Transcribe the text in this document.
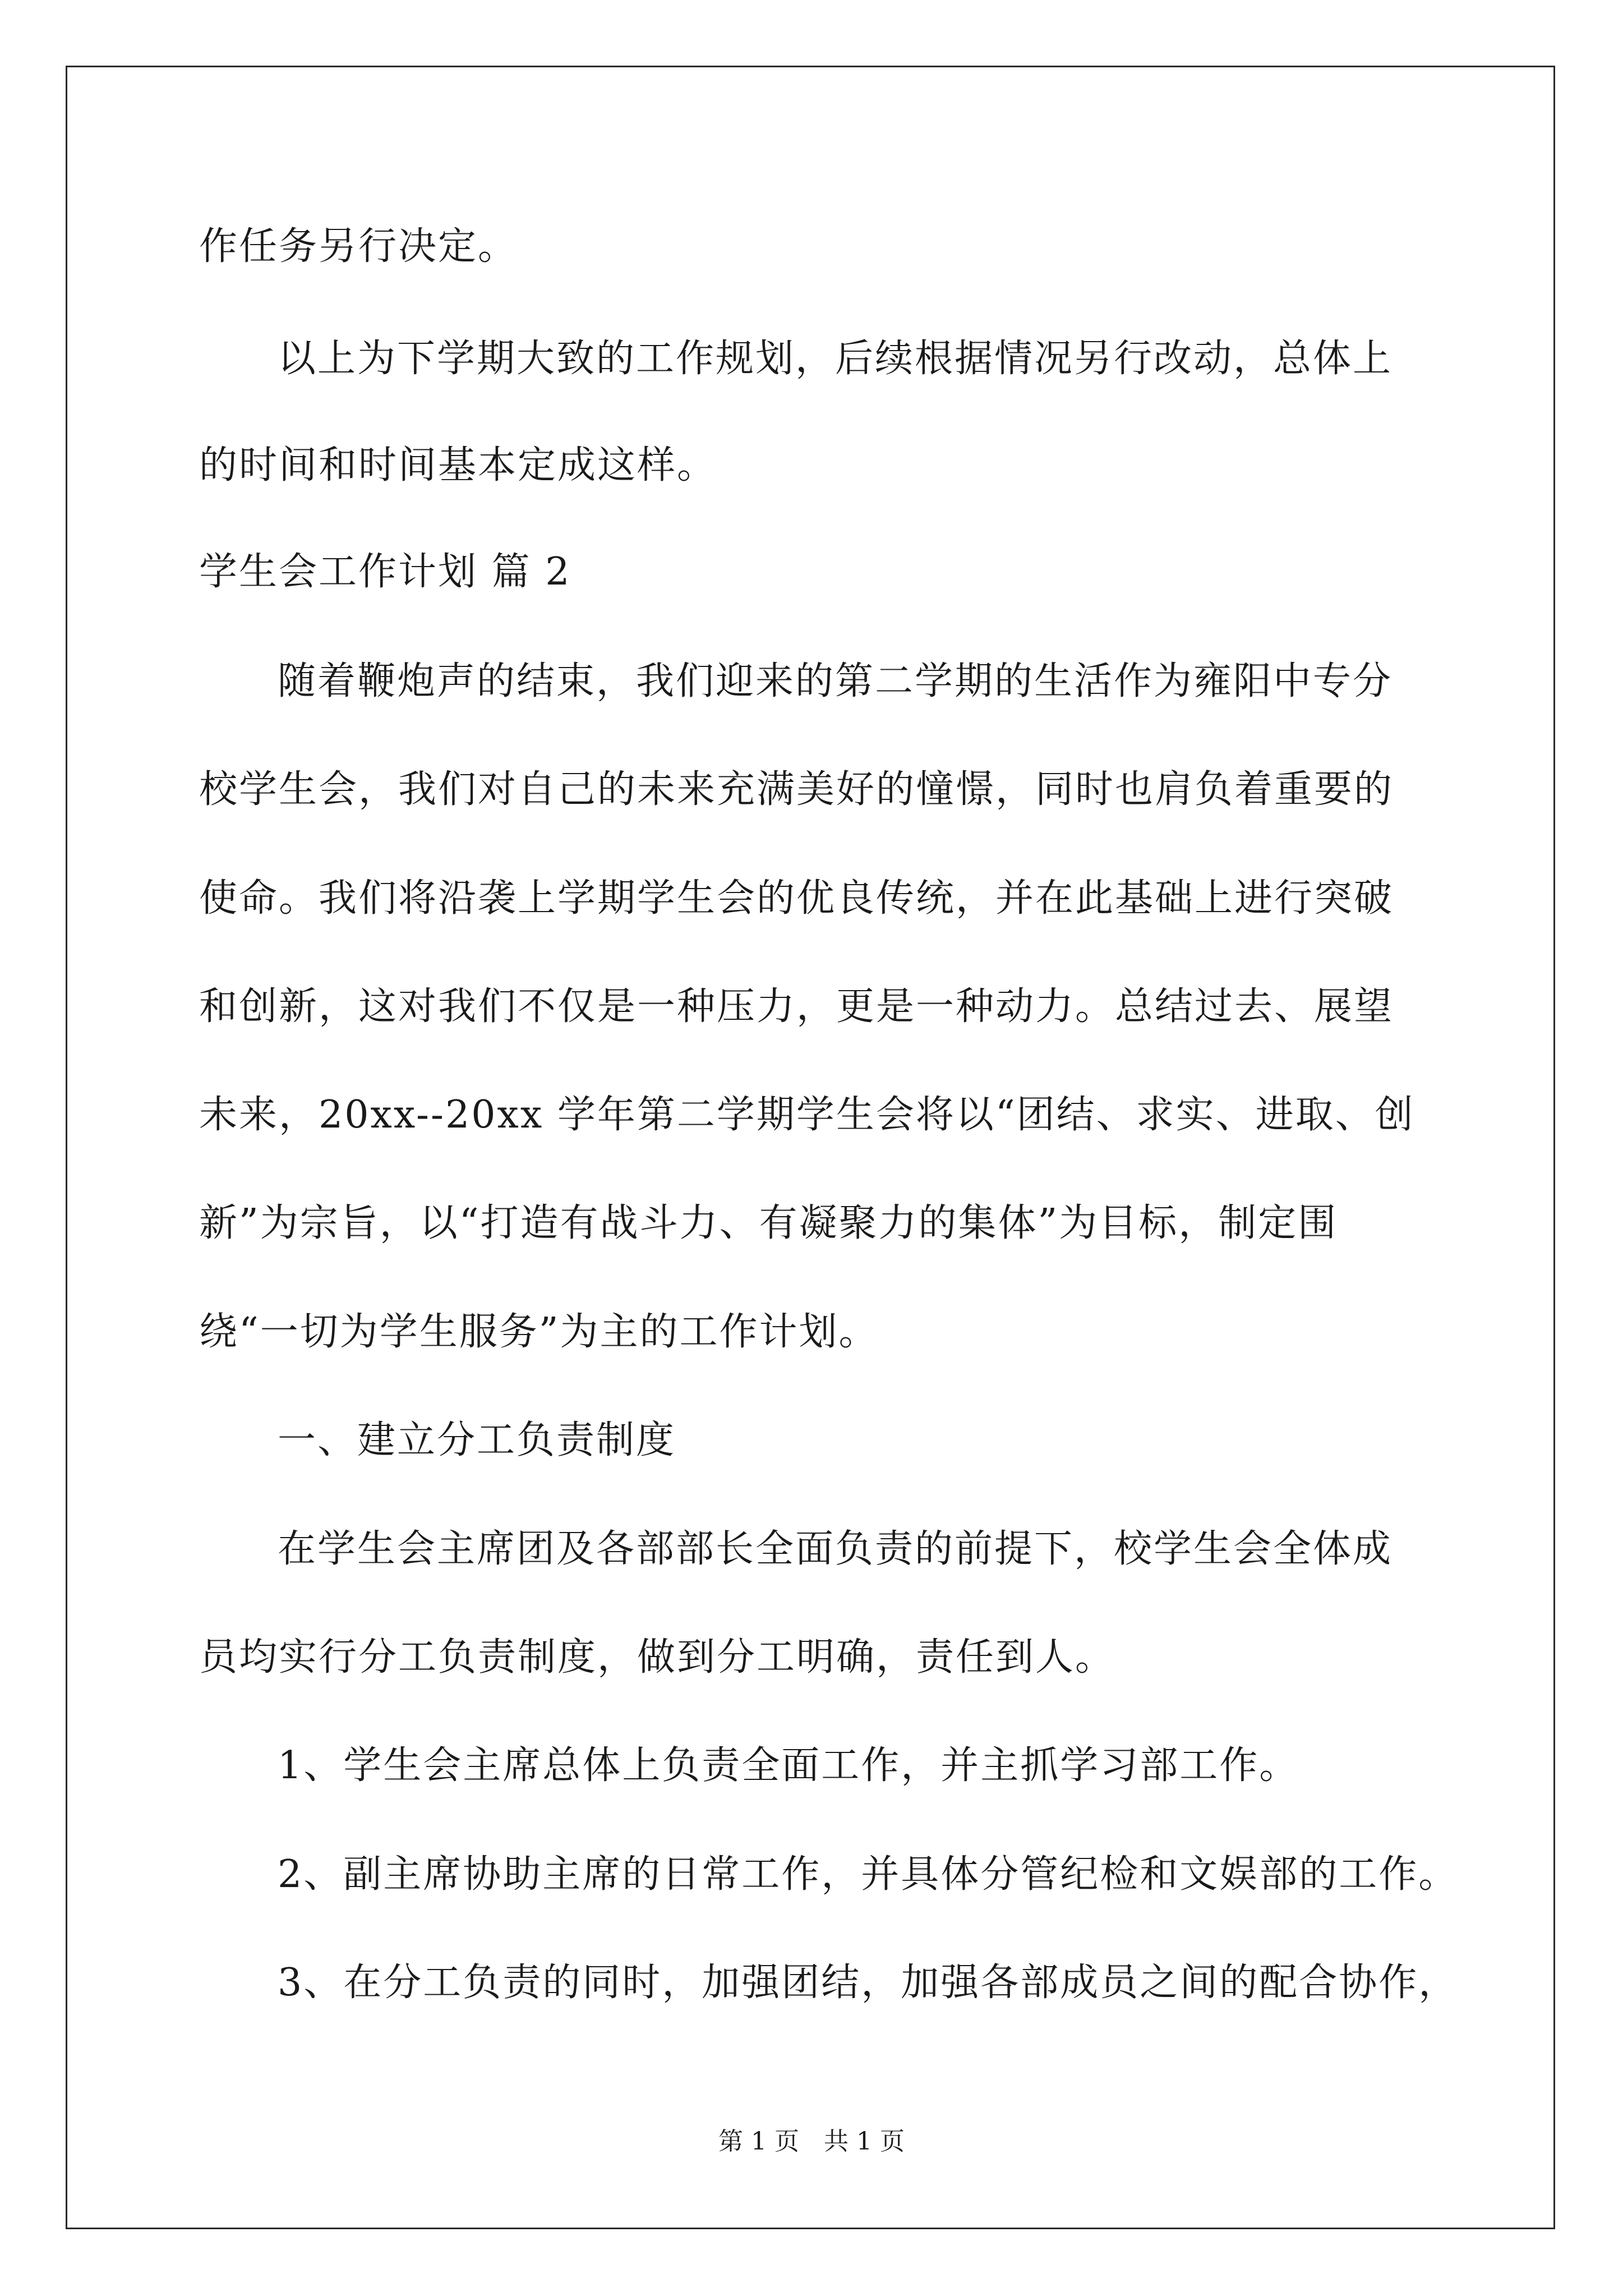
作任务另行决定。
以上为下学期大致的工作规划，后续根据情况另行改动，总体上
的时间和时间基本定成这样。
学生会工作计划 篇 2
随着鞭炮声的结束，我们迎来的第二学期的生活作为雍阳中专分
校学生会，我们对自己的未来充满美好的憧憬，同时也肩负着重要的
使命。我们将沿袭上学期学生会的优良传统，并在此基础上进行突破
和创新，这对我们不仅是一种压力，更是一种动力。总结过去、展望
未来，20xx--20xx 学年第二学期学生会将以“团结、求实、进取、创
新”为宗旨，以“打造有战斗力、有凝聚力的集体”为目标，制定围
绕“一切为学生服务”为主的工作计划。
一、建立分工负责制度
在学生会主席团及各部部长全面负责的前提下，校学生会全体成
员均实行分工负责制度，做到分工明确，责任到人。
1、学生会主席总体上负责全面工作，并主抓学习部工作。
2、副主席协助主席的日常工作，并具体分管纪检和文娱部的工作。
3、在分工负责的同时，加强团结，加强各部成员之间的配合协作，
第 1 页　共 1 页
